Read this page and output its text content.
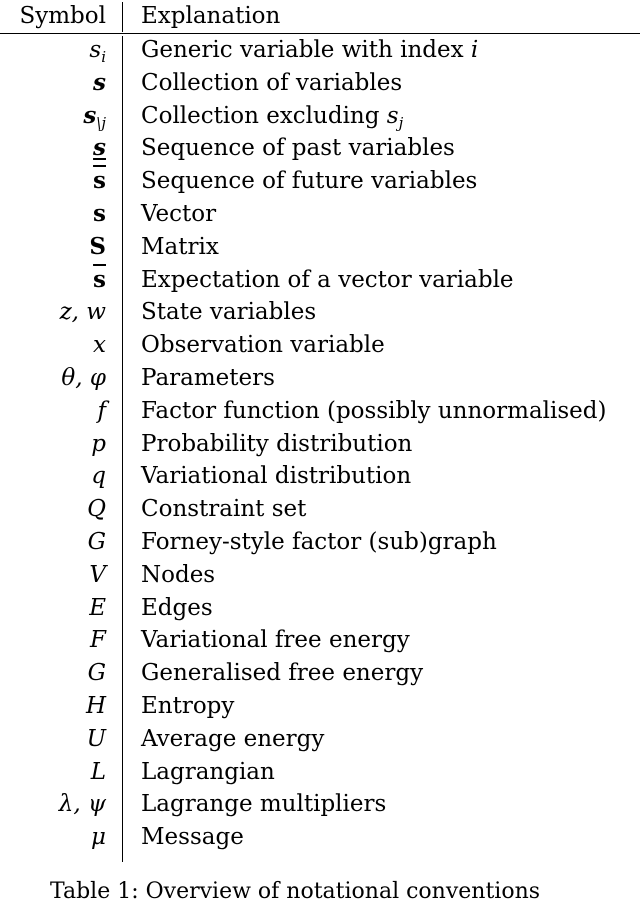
Symbol Explanation
$s_i$ Generic variable with index i
s Collection of variables
$s_{\backslash j}$ Collection excluding $s_j$
s Sequence of past variables
$\overline{s}$ Sequence of future variables
s Vector
S Matrix
$\overline{s}$ Expectation of a vector variable
z, w State variables
x Observation variable
θ, φ Parameters
f Factor function (possibly unnormalised)
p Probability distribution
q Variational distribution
Q Constraint set
G Forney-style factor (sub)graph
V Nodes
E Edges
F Variational free energy
G Generalised free energy
H Entropy
U Average energy
L Lagrangian
λ, ψ Lagrange multipliers
μ Message
Table 1: Overview of notational conventions
